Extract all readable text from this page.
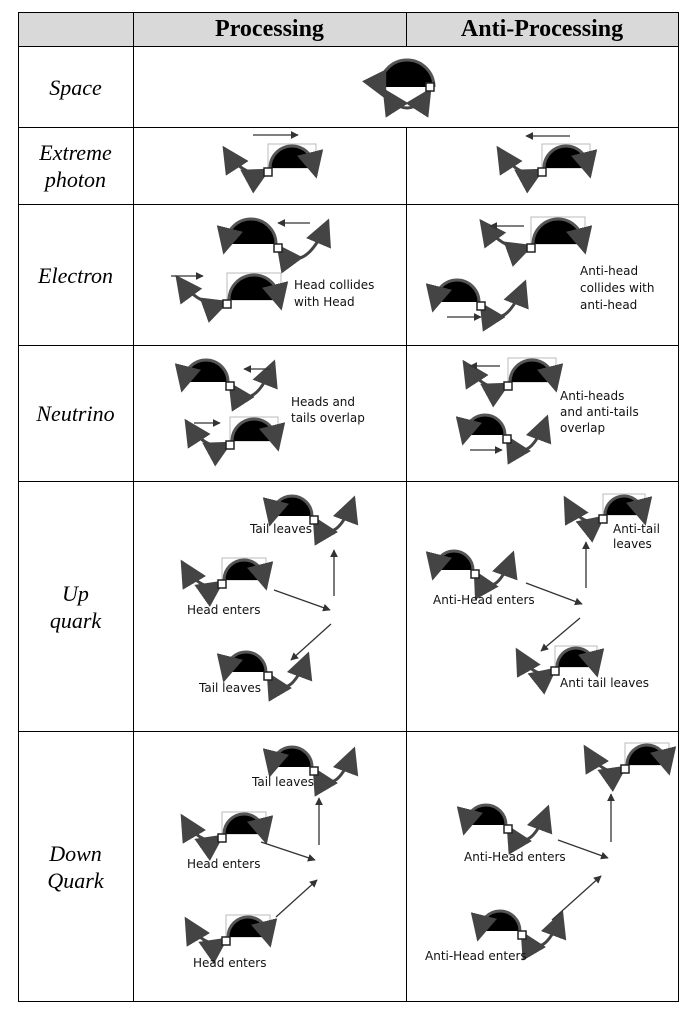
Processing	Anti-Processing
Space
Extreme
photon
Electron
Neutrino
Up
quark
Down
Quark
Head collides
with Head
Anti-head
collides with
anti-head
Heads and
tails overlap
Anti-heads
and anti-tails
overlap
Tail leaves
Head enters
Tail leaves
Anti-tail
leaves
Anti-Head enters
Anti tail leaves
Tail leaves
Head enters
Head enters
Anti-Head enters
Anti-Head enters
